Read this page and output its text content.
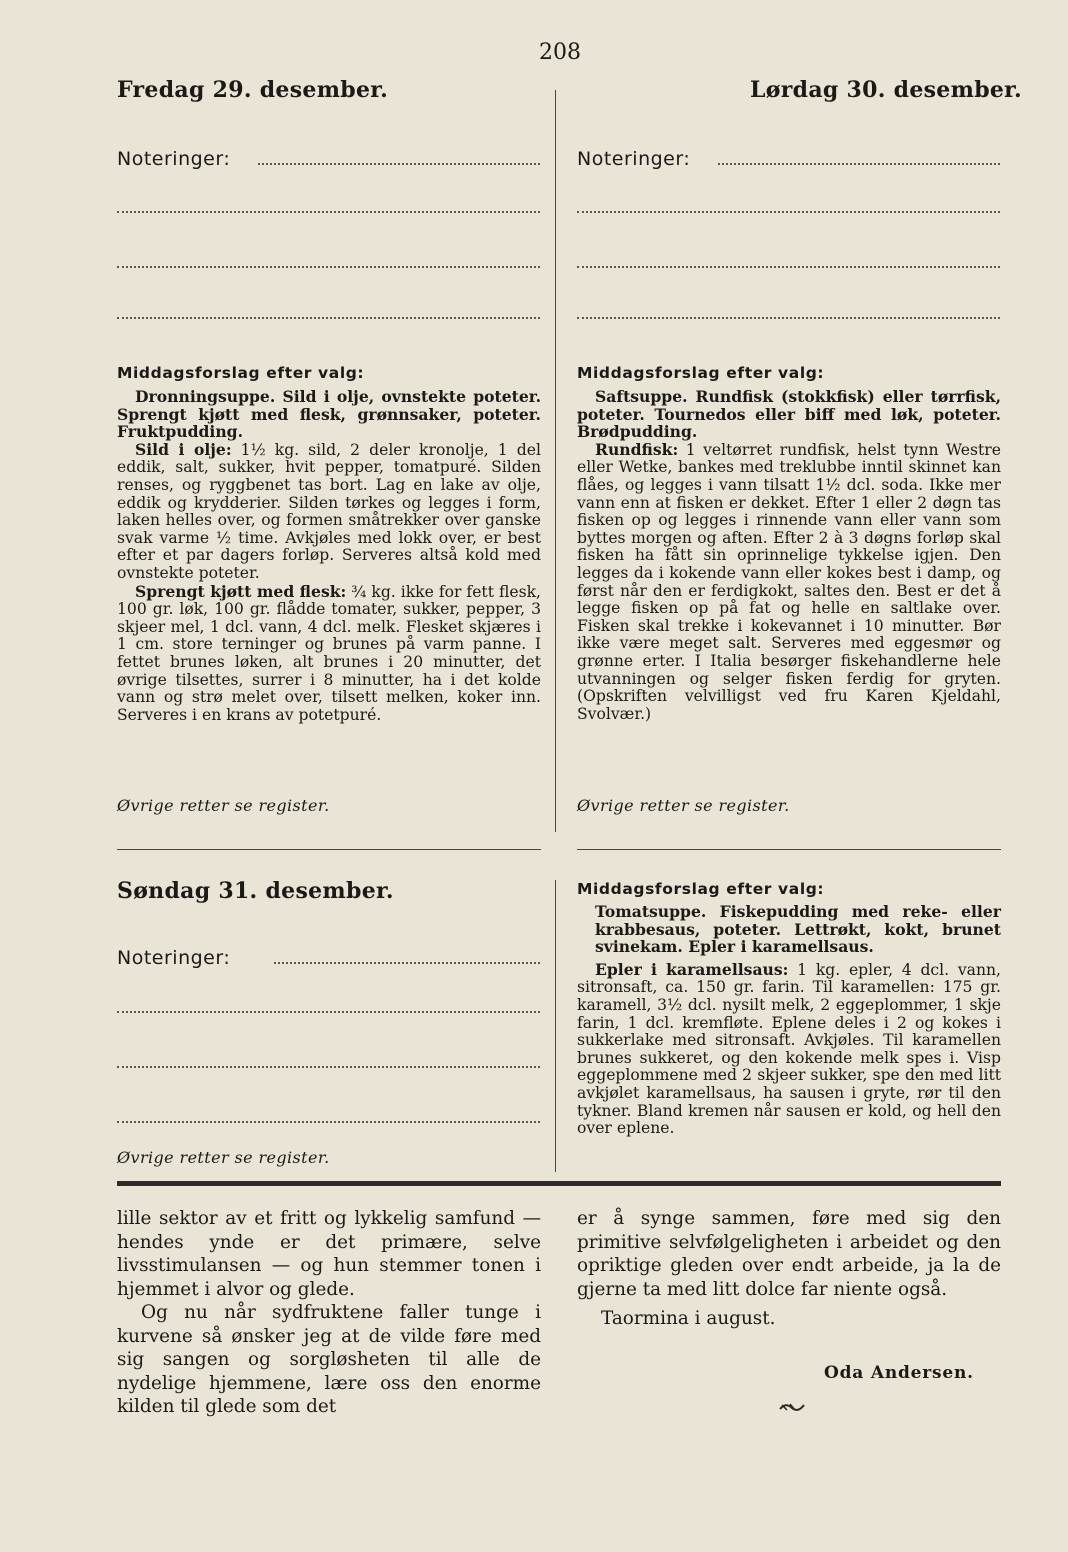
208
Fredag 29. desember.	Lørdag 30. desember.
Noteringer:	Noteringer:
Middagsforslag efter valg:

Dronningsuppe. Sild i olje, ovnstekte poteter. Sprengt kjøtt med flesk, grønnsaker, poteter. Fruktpudding.

Sild i olje: 1½ kg. sild, 2 deler kronolje, 1 del eddik, salt, sukker, hvit pepper, tomatpuré. Silden renses, og ryggbenet tas bort. Lag en lake av olje, eddik og krydderier. Silden tørkes og legges i form, laken helles over, og formen småtrekker over ganske svak varme ½ time. Avkjøles med lokk over, er best efter et par dagers forløp. Serveres altså kold med ovnstekte poteter.

Sprengt kjøtt med flesk: ¾ kg. ikke for fett flesk, 100 gr. løk, 100 gr. flådde tomater, sukker, pepper, 3 skjeer mel, 1 dcl. vann, 4 dcl. melk. Flesket skjæres i 1 cm. store terninger og brunes på varm panne. I fettet brunes løken, alt brunes i 20 minutter, det øvrige tilsettes, surrer i 8 minutter, ha i det kolde vann og strø melet over, tilsett melken, koker inn. Serveres i en krans av potetpuré.

Øvrige retter se register.
Middagsforslag efter valg:

Saftsuppe. Rundfisk (stokkfisk) eller tørrfisk, poteter. Tournedos eller biff med løk, poteter. Brødpudding.

Rundfisk: 1 veltørret rundfisk, helst tynn Westre eller Wetke, bankes med treklubbe inntil skinnet kan flåes, og legges i vann tilsatt 1½ dcl. soda. Ikke mer vann enn at fisken er dekket. Efter 1 eller 2 døgn tas fisken op og legges i rinnende vann eller vann som byttes morgen og aften. Efter 2 à 3 døgns forløp skal fisken ha fått sin oprinnelige tykkelse igjen. Den legges da i kokende vann eller kokes best i damp, og først når den er ferdigkokt, saltes den. Best er det å legge fisken op på fat og helle en saltlake over. Fisken skal trekke i kokevannet i 10 minutter. Bør ikke være meget salt. Serveres med eggesmør og grønne erter. I Italia besørger fiskehandlerne hele utvanningen og selger fisken ferdig for gryten. (Opskriften velvilligst ved fru Karen Kjeldahl, Svolvær.)

Øvrige retter se register.
Søndag 31. desember.
Noteringer:
Øvrige retter se register.
Middagsforslag efter valg:

Tomatsuppe. Fiskepudding med reke- eller krabbesaus, poteter. Lettrøkt, kokt, brunet svinekam. Epler i karamellsaus.

Epler i karamellsaus: 1 kg. epler, 4 dcl. vann, sitronsaft, ca. 150 gr. farin. Til karamellen: 175 gr. karamell, 3½ dcl. nysilt melk, 2 eggeplommer, 1 skje farin, 1 dcl. kremfløte. Eplene deles i 2 og kokes i sukkerlake med sitronsaft. Avkjøles. Til karamellen brunes sukkeret, og den kokende melk spes i. Visp eggeplommene med 2 skjeer sukker, spe den med litt avkjølet karamellsaus, ha sausen i gryte, rør til den tykner. Bland kremen når sausen er kold, og hell den over eplene.

lille sektor av et fritt og lykkelig samfund — hendes ynde er det primære, selve livsstimulansen — og hun stemmer tonen i hjemmet i alvor og glede.

Og nu når sydfruktene faller tunge i kurvene så ønsker jeg at de vilde føre med sig sangen og sorgløsheten til alle de nydelige hjemmene, lære oss den enorme kilden til glede som det

er å synge sammen, føre med sig den primitive selvfølgeligheten i arbeidet og den opriktige gleden over endt arbeide, ja la de gjerne ta med litt dolce far niente også.

Taormina i august.

Oda Andersen.
